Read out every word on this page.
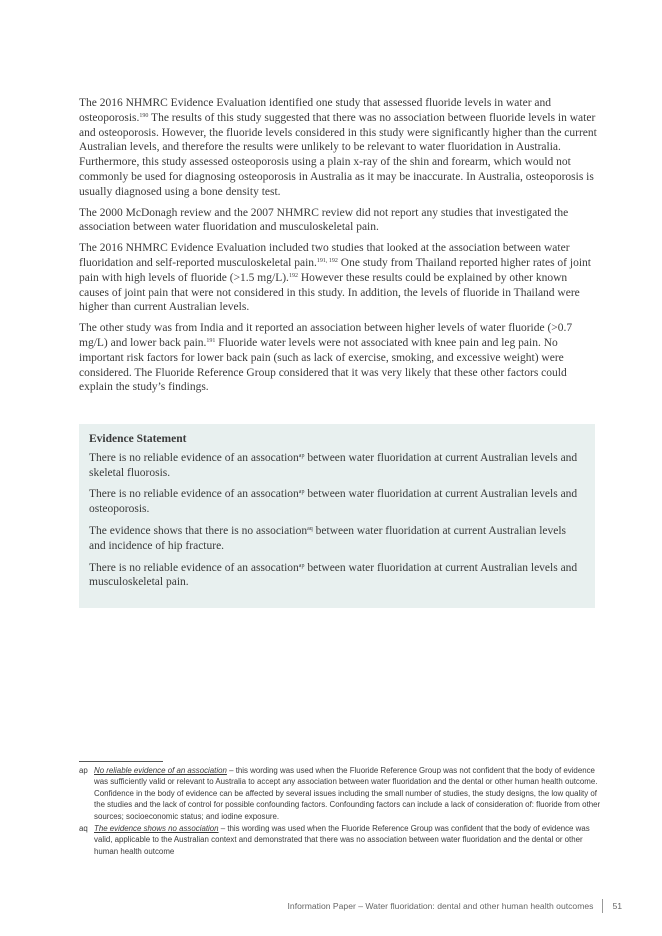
The 2016 NHMRC Evidence Evaluation identified one study that assessed fluoride levels in water and osteoporosis.$^{190}$ The results of this study suggested that there was no association between fluoride levels in water and osteoporosis. However, the fluoride levels considered in this study were significantly higher than the current Australian levels, and therefore the results were unlikely to be relevant to water fluoridation in Australia. Furthermore, this study assessed osteoporosis using a plain x-ray of the shin and forearm, which would not commonly be used for diagnosing osteoporosis in Australia as it may be inaccurate. In Australia, osteoporosis is usually diagnosed using a bone density test.

The 2000 McDonagh review and the 2007 NHMRC review did not report any studies that investigated the association between water fluoridation and musculoskeletal pain.

The 2016 NHMRC Evidence Evaluation included two studies that looked at the association between water fluoridation and self-reported musculoskeletal pain.$^{191, 192}$ One study from Thailand reported higher rates of joint pain with high levels of fluoride (>1.5 mg/L).$^{192}$ However these results could be explained by other known causes of joint pain that were not considered in this study. In addition, the levels of fluoride in Thailand were higher than current Australian levels.

The other study was from India and it reported an association between higher levels of water fluoride (>0.7 mg/L) and lower back pain.$^{191}$ Fluoride water levels were not associated with knee pain and leg pain. No important risk factors for lower back pain (such as lack of exercise, smoking, and excessive weight) were considered. The Fluoride Reference Group considered that it was very likely that these other factors could explain the study’s findings.

Evidence Statement

There is no reliable evidence of an assocation$^{ap}$ between water fluoridation at current Australian levels and skeletal fluorosis.

There is no reliable evidence of an assocation$^{ap}$ between water fluoridation at current Australian levels and osteoporosis.

The evidence shows that there is no association$^{aq}$ between water fluoridation at current Australian levels and incidence of hip fracture.

There is no reliable evidence of an assocation$^{ap}$ between water fluoridation at current Australian levels and musculoskeletal pain.

ap No reliable evidence of an association – this wording was used when the Fluoride Reference Group was not confident that the body of evidence was sufficiently valid or relevant to Australia to accept any association between water fluoridation and the dental or other human health outcome. Confidence in the body of evidence can be affected by several issues including the small number of studies, the study designs, the low quality of the studies and the lack of control for possible confounding factors. Confounding factors can include a lack of consideration of: fluoride from other sources; socioeconomic status; and iodine exposure.
aq The evidence shows no association – this wording was used when the Fluoride Reference Group was confident that the body of evidence was valid, applicable to the Australian context and demonstrated that there was no association between water fluoridation and the dental or other human health outcome
Information Paper – Water fluoridation: dental and other human health outcomes 51
